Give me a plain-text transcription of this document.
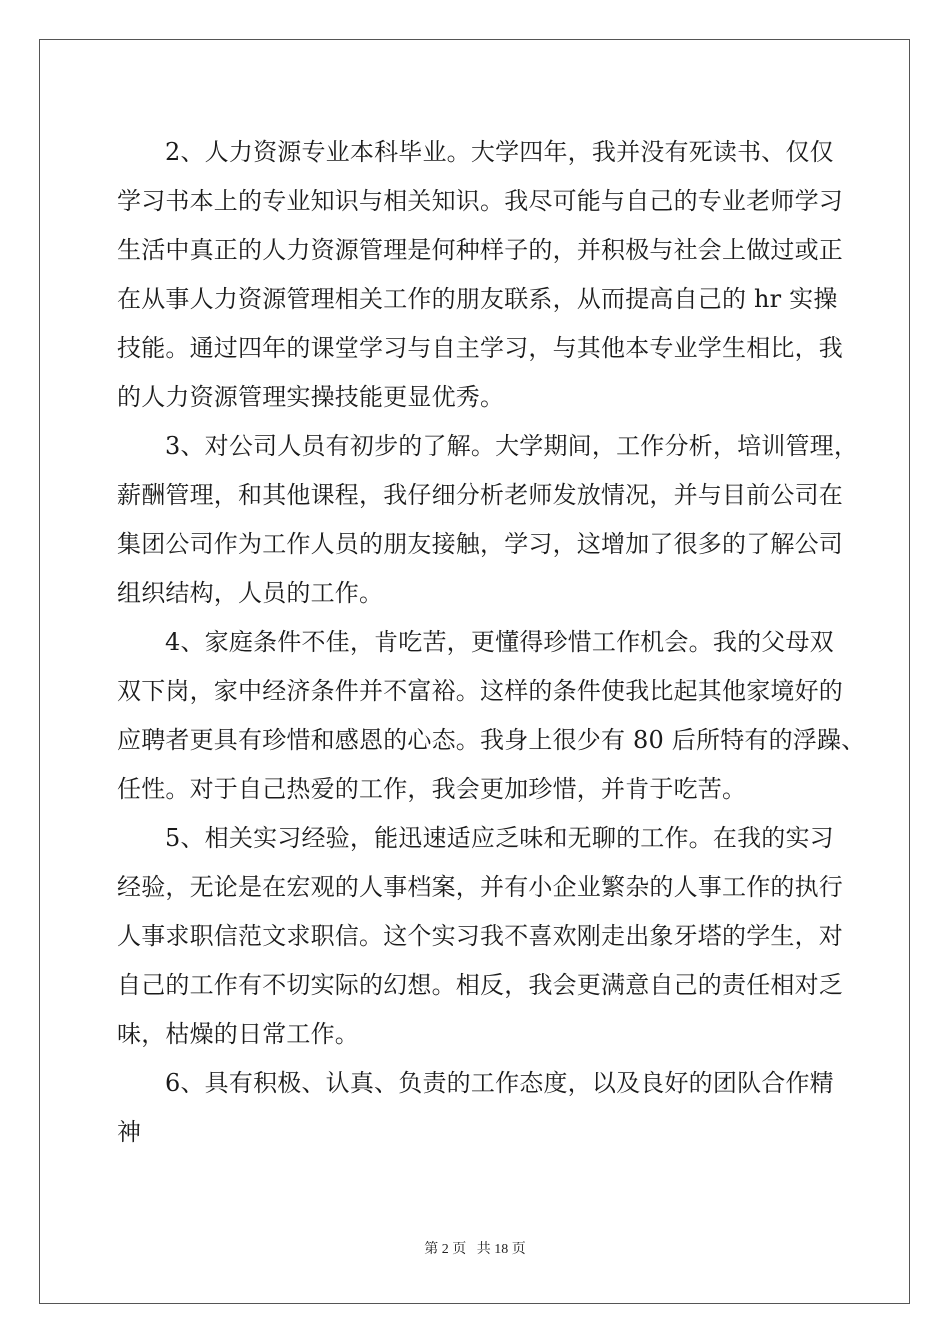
2、人力资源专业本科毕业。大学四年，我并没有死读书、仅仅
学习书本上的专业知识与相关知识。我尽可能与自己的专业老师学习
生活中真正的人力资源管理是何种样子的，并积极与社会上做过或正
在从事人力资源管理相关工作的朋友联系，从而提高自己的 hr 实操
技能。通过四年的课堂学习与自主学习，与其他本专业学生相比，我
的人力资源管理实操技能更显优秀。
3、对公司人员有初步的了解。大学期间，工作分析，培训管理，
薪酬管理，和其他课程，我仔细分析老师发放情况，并与目前公司在
集团公司作为工作人员的朋友接触，学习，这增加了很多的了解公司
组织结构，人员的工作。
4、家庭条件不佳，肯吃苦，更懂得珍惜工作机会。我的父母双
双下岗，家中经济条件并不富裕。这样的条件使我比起其他家境好的
应聘者更具有珍惜和感恩的心态。我身上很少有 80 后所特有的浮躁、
任性。对于自己热爱的工作，我会更加珍惜，并肯于吃苦。
5、相关实习经验，能迅速适应乏味和无聊的工作。在我的实习
经验，无论是在宏观的人事档案，并有小企业繁杂的人事工作的执行
人事求职信范文求职信。这个实习我不喜欢刚走出象牙塔的学生，对
自己的工作有不切实际的幻想。相反，我会更满意自己的责任相对乏
味，枯燥的日常工作。
6、具有积极、认真、负责的工作态度，以及良好的团队合作精
神
第 2 页 共 18 页
